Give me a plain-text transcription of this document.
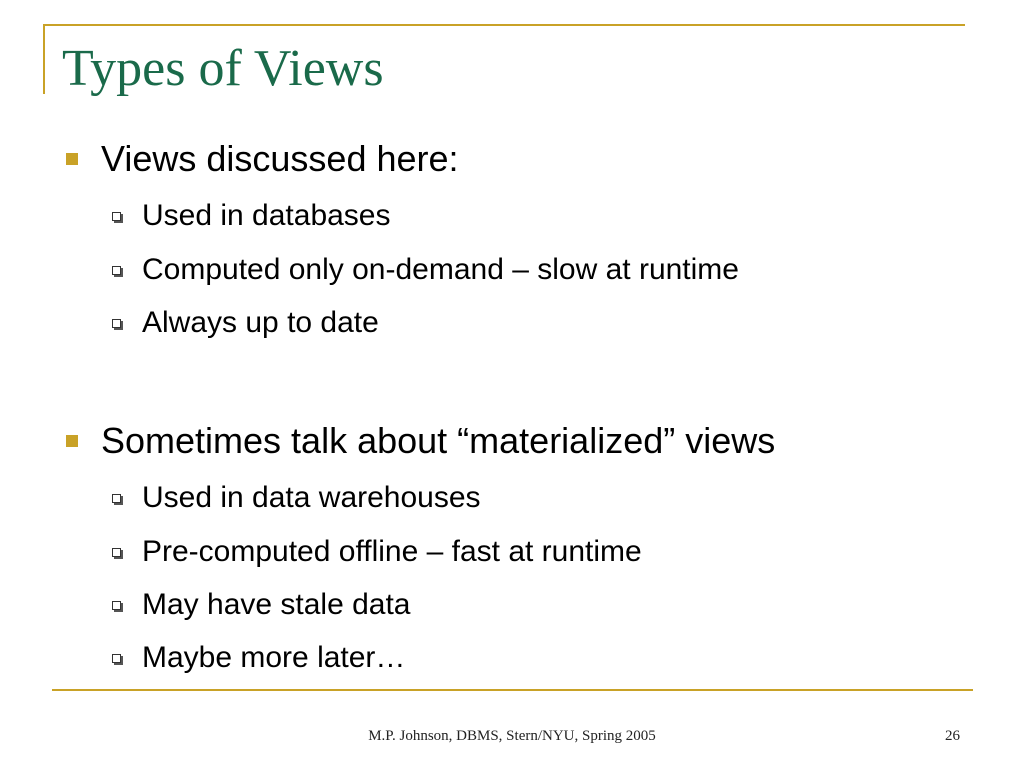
Types of Views
Views discussed here:
Used in databases
Computed only on-demand – slow at runtime
Always up to date
Sometimes talk about “materialized” views
Used in data warehouses
Pre-computed offline – fast at runtime
May have stale data
Maybe more later…
M.P. Johnson, DBMS, Stern/NYU, Spring 2005	26
